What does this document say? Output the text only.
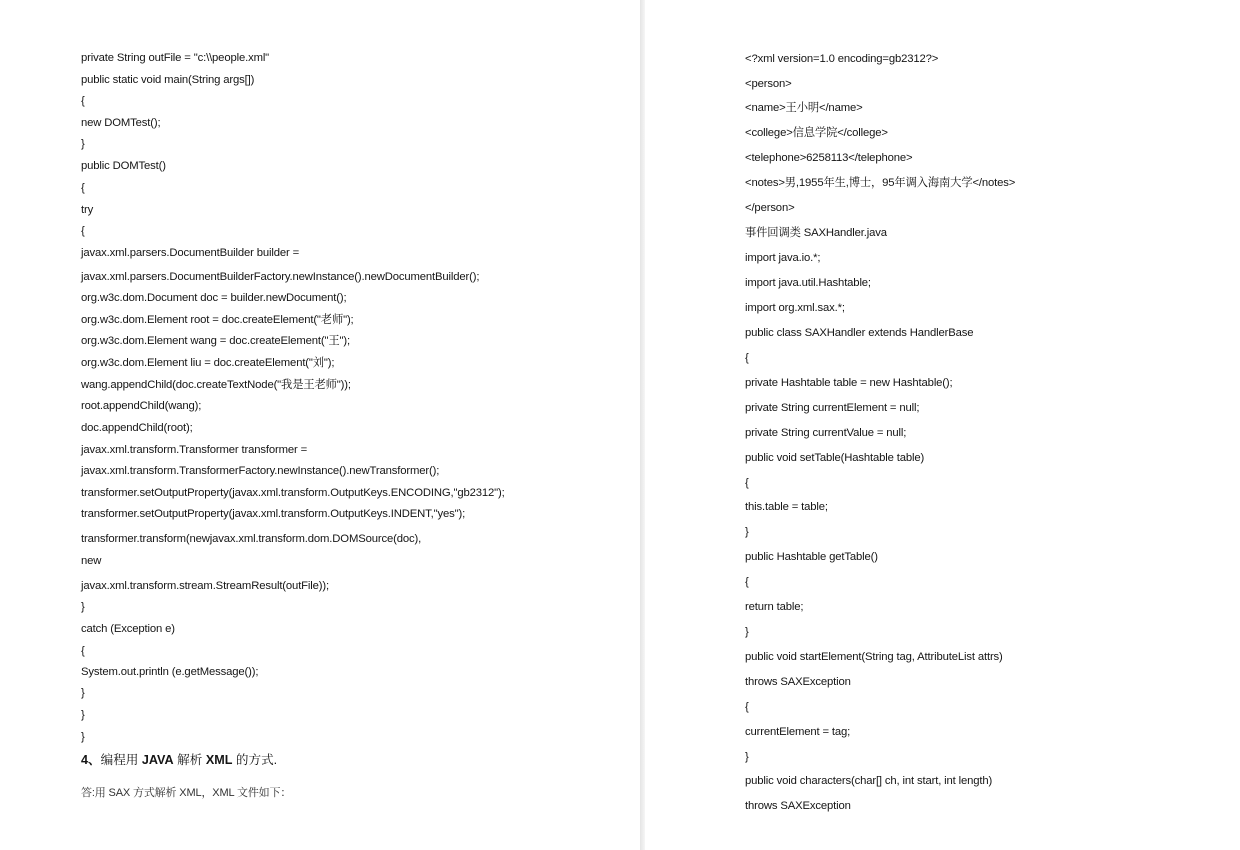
private String outFile = "c:\\people.xml"
public static void main(String args[])
{
new DOMTest();
}
public DOMTest()
{
try
{
javax.xml.parsers.DocumentBuilder builder =
javax.xml.parsers.DocumentBuilderFactory.newInstance().newDocumentBuilder();
org.w3c.dom.Document doc = builder.newDocument();
org.w3c.dom.Element root = doc.createElement("老师");
org.w3c.dom.Element wang = doc.createElement("王");
org.w3c.dom.Element liu = doc.createElement("刘");
wang.appendChild(doc.createTextNode("我是王老师"));
root.appendChild(wang);
doc.appendChild(root);
javax.xml.transform.Transformer transformer =
javax.xml.transform.TransformerFactory.newInstance().newTransformer();
transformer.setOutputProperty(javax.xml.transform.OutputKeys.ENCODING,"gb2312");
transformer.setOutputProperty(javax.xml.transform.OutputKeys.INDENT,"yes");
transformer.transform(newjavax.xml.transform.dom.DOMSource(doc),
new
javax.xml.transform.stream.StreamResult(outFile));
}
catch (Exception e)
{
System.out.println (e.getMessage());
}
}
}
4、编程用 JAVA 解析 XML 的方式.
答:用 SAX 方式解析 XML，XML 文件如下：
<?xml version=1.0 encoding=gb2312?>
<person>
<name>王小明</name>
<college>信息学院</college>
<telephone>6258113</telephone>
<notes>男,1955年生,博士，95年调入海南大学</notes>
</person>
事件回调类 SAXHandler.java
import java.io.*;
import java.util.Hashtable;
import org.xml.sax.*;
public class SAXHandler extends HandlerBase
{
private Hashtable table = new Hashtable();
private String currentElement = null;
private String currentValue = null;
public void setTable(Hashtable table)
{
this.table = table;
}
public Hashtable getTable()
{
return table;
}
public void startElement(String tag, AttributeList attrs)
throws SAXException
{
currentElement = tag;
}
public void characters(char[] ch, int start, int length)
throws SAXException
